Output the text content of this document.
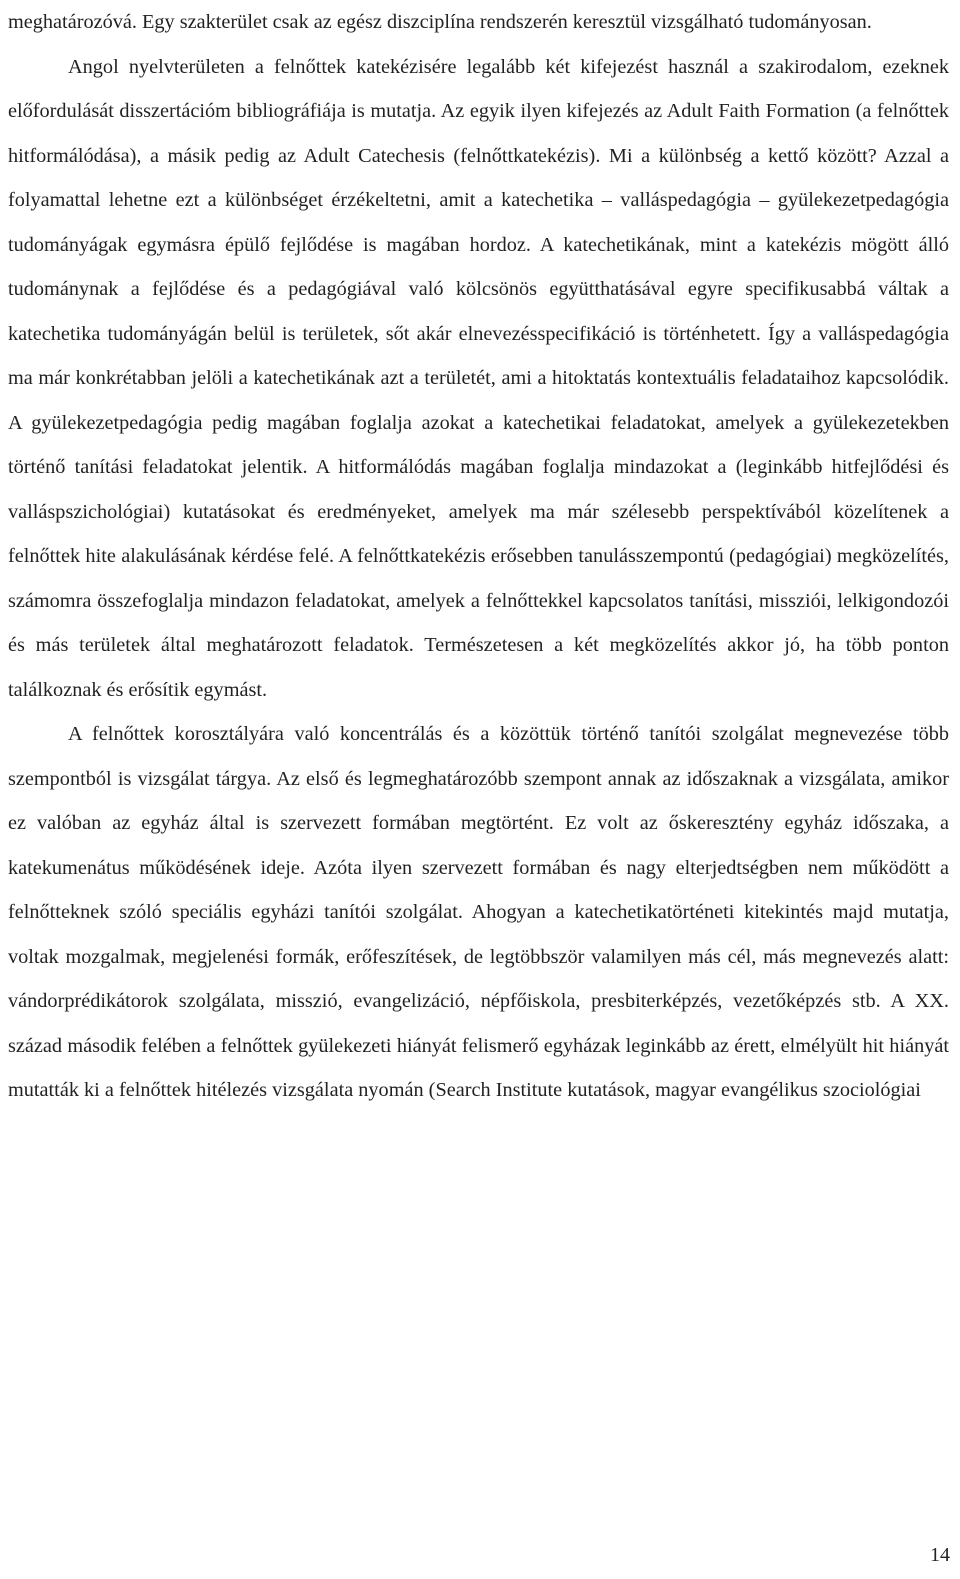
meghatározóvá. Egy szakterület csak az egész diszciplína rendszerén keresztül vizsgálható tudományosan.

Angol nyelvterületen a felnőttek katekézisére legalább két kifejezést használ a szakirodalom, ezeknek előfordulását disszertációm bibliográfiája is mutatja. Az egyik ilyen kifejezés az Adult Faith Formation (a felnőttek hitformálódása), a másik pedig az Adult Catechesis (felnőttkatekézis). Mi a különbség a kettő között? Azzal a folyamattal lehetne ezt a különbséget érzékeltetni, amit a katechetika – valláspedagógia – gyülekezetpedagógia tudományágak egymásra épülő fejlődése is magában hordoz. A katechetikának, mint a katekézis mögött álló tudománynak a fejlődése és a pedagógiával való kölcsönös együtthatásával egyre specifikusabbá váltak a katechetika tudományágán belül is területek, sőt akár elnevezésspecifikáció is történhetett. Így a valláspedagógia ma már konkrétabban jelöli a katechetikának azt a területét, ami a hitoktatás kontextuális feladataihoz kapcsolódik. A gyülekezetpedagógia pedig magában foglalja azokat a katechetikai feladatokat, amelyek a gyülekezetekben történő tanítási feladatokat jelentik. A hitformálódás magában foglalja mindazokat a (leginkább hitfejlődési és valláspszichológiai) kutatásokat és eredményeket, amelyek ma már szélesebb perspektívából közelítenek a felnőttek hite alakulásának kérdése felé. A felnőttkatekézis erősebben tanulásszempontú (pedagógiai) megközelítés, számomra összefoglalja mindazon feladatokat, amelyek a felnőttekkel kapcsolatos tanítási, missziói, lelkigondozói és más területek által meghatározott feladatok. Természetesen a két megközelítés akkor jó, ha több ponton találkoznak és erősítik egymást.

A felnőttek korosztályára való koncentrálás és a közöttük történő tanítói szolgálat megnevezése több szempontból is vizsgálat tárgya. Az első és legmeghatározóbb szempont annak az időszaknak a vizsgálata, amikor ez valóban az egyház által is szervezett formában megtörtént. Ez volt az őskeresztény egyház időszaka, a katekumenátus működésének ideje. Azóta ilyen szervezett formában és nagy elterjedtségben nem működött a felnőtteknek szóló speciális egyházi tanítói szolgálat. Ahogyan a katechetikatörténeti kitekintés majd mutatja, voltak mozgalmak, megjelenési formák, erőfeszítések, de legtöbbször valamilyen más cél, más megnevezés alatt: vándorprédikátorok szolgálata, misszió, evangelizáció, népfőiskola, presbiterképzés, vezetőképzés stb. A XX. század második felében a felnőttek gyülekezeti hiányát felismerő egyházak leginkább az érett, elmélyült hit hiányát mutatták ki a felnőttek hitélezés vizsgálata nyomán (Search Institute kutatások, magyar evangélikus szociológiai

14
